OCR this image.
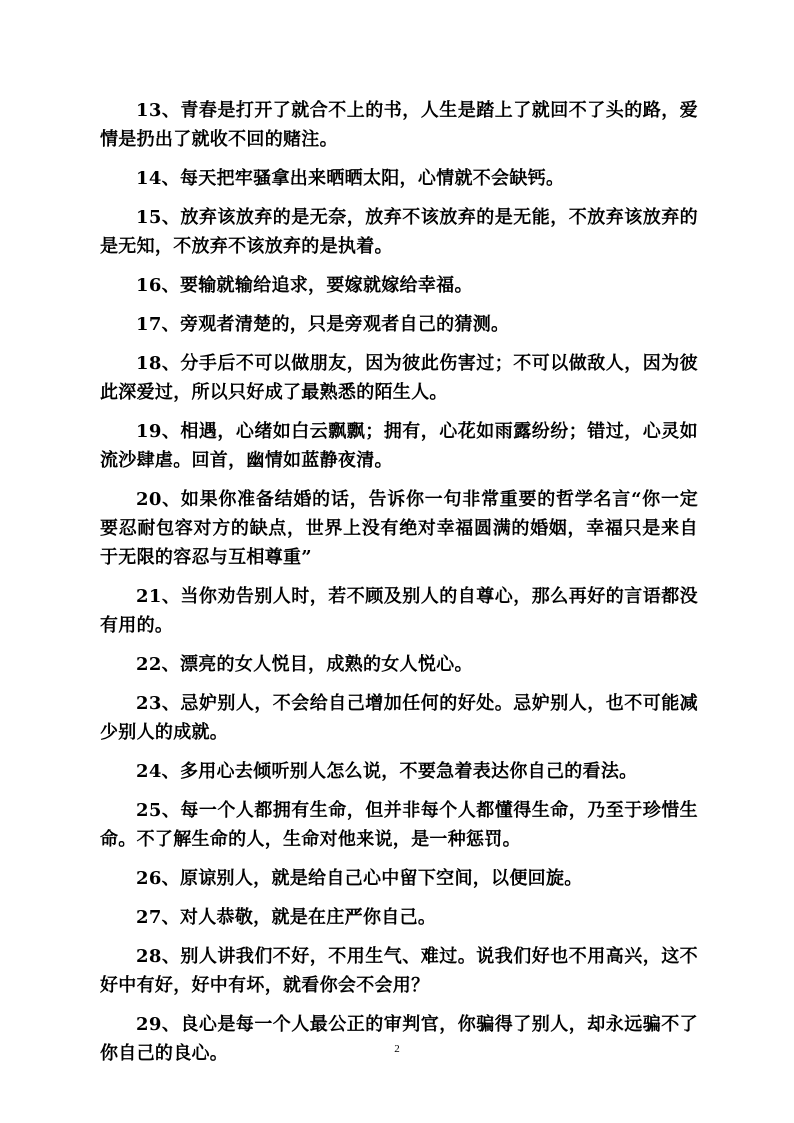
13、青春是打开了就合不上的书，人生是踏上了就回不了头的路，爱情是扔出了就收不回的赌注。

14、每天把牢骚拿出来晒晒太阳，心情就不会缺钙。

15、放弃该放弃的是无奈，放弃不该放弃的是无能，不放弃该放弃的是无知，不放弃不该放弃的是执着。

16、要输就输给追求，要嫁就嫁给幸福。

17、旁观者清楚的，只是旁观者自己的猜测。

18、分手后不可以做朋友，因为彼此伤害过；不可以做敌人，因为彼此深爱过，所以只好成了最熟悉的陌生人。

19、相遇，心绪如白云飘飘；拥有，心花如雨露纷纷；错过，心灵如流沙肆虐。回首，幽情如蓝静夜清。

20、如果你准备结婚的话，告诉你一句非常重要的哲学名言“你一定要忍耐包容对方的缺点，世界上没有绝对幸福圆满的婚姻，幸福只是来自于无限的容忍与互相尊重”

21、当你劝告别人时，若不顾及别人的自尊心，那么再好的言语都没有用的。

22、漂亮的女人悦目，成熟的女人悦心。

23、忌妒别人，不会给自己增加任何的好处。忌妒别人，也不可能减少别人的成就。

24、多用心去倾听别人怎么说，不要急着表达你自己的看法。

25、每一个人都拥有生命，但并非每个人都懂得生命，乃至于珍惜生命。不了解生命的人，生命对他来说，是一种惩罚。

26、原谅别人，就是给自己心中留下空间，以便回旋。

27、对人恭敬，就是在庄严你自己。

28、别人讲我们不好，不用生气、难过。说我们好也不用高兴，这不好中有好，好中有坏，就看你会不会用？

29、良心是每一个人最公正的审判官，你骗得了别人，却永远骗不了你自己的良心。	2
